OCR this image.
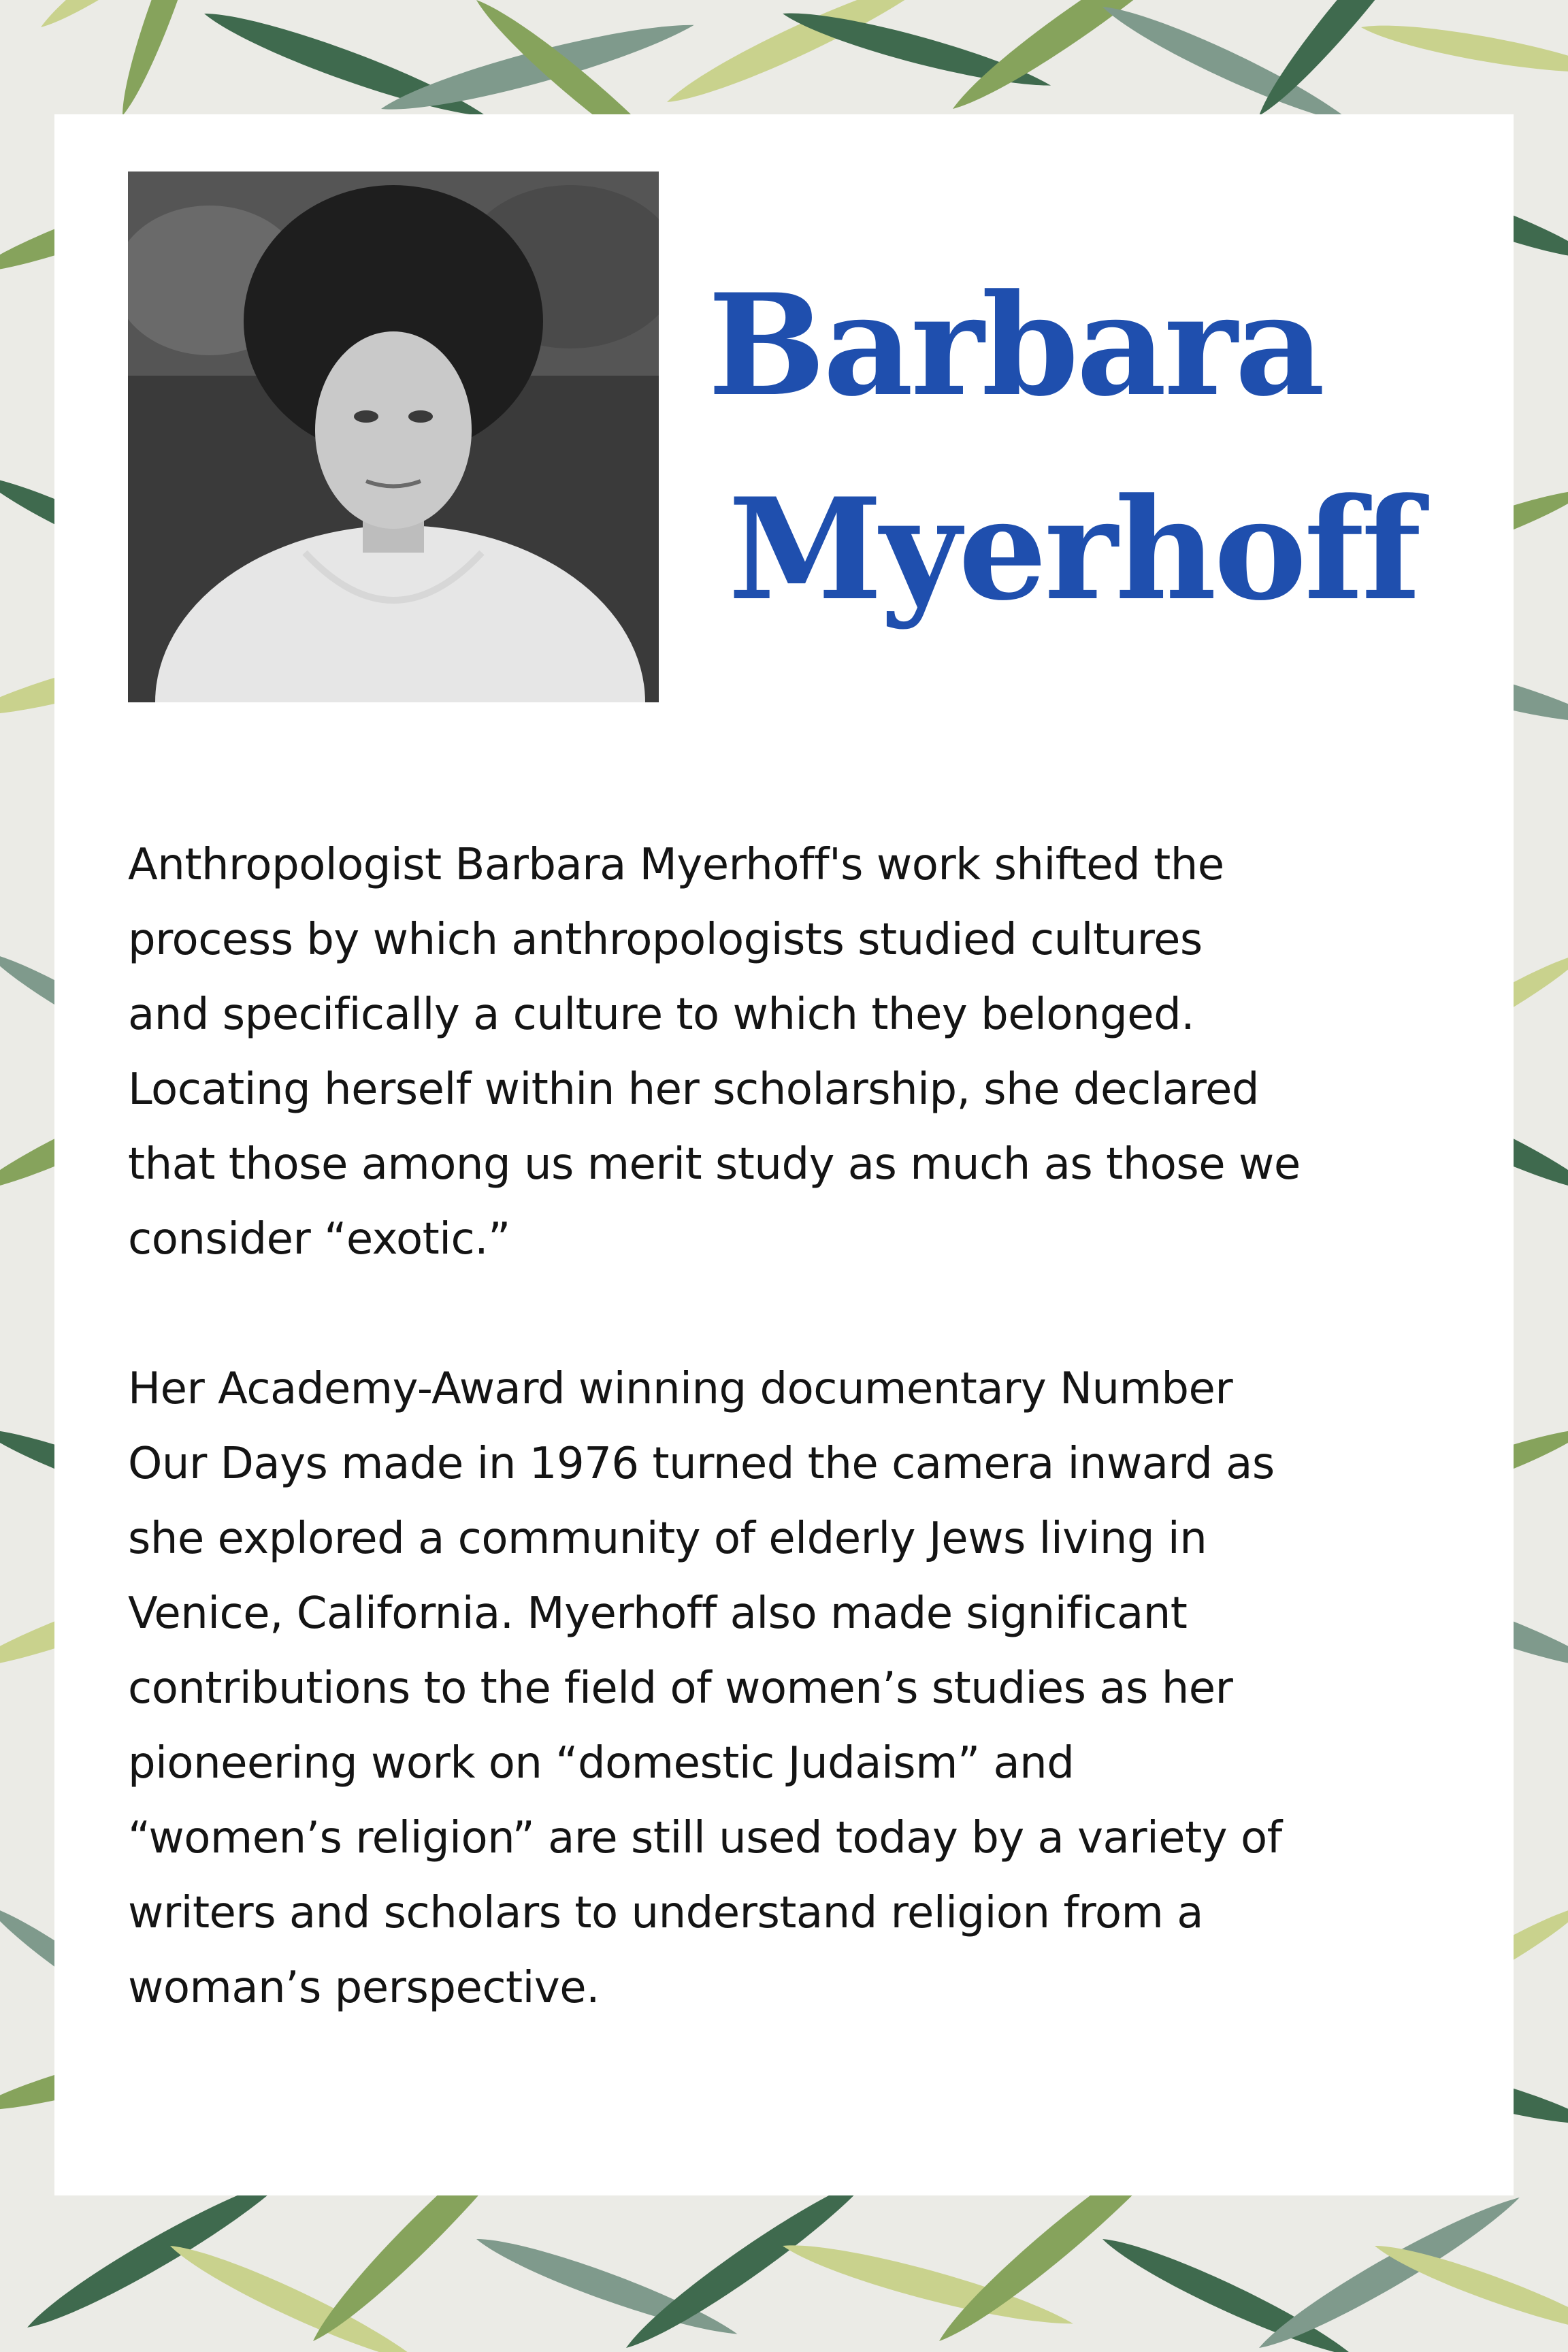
Barbara
Myerhoff

Anthropologist Barbara Myerhoff's work shifted the
process by which anthropologists studied cultures
and specifically a culture to which they belonged.
Locating herself within her scholarship, she declared
that those among us merit study as much as those we
consider “exotic.”

Her Academy-Award winning documentary Number
Our Days made in 1976 turned the camera inward as
she explored a community of elderly Jews living in
Venice, California. Myerhoff also made significant
contributions to the field of women’s studies as her
pioneering work on “domestic Judaism” and
“women’s religion” are still used today by a variety of
writers and scholars to understand religion from a
woman’s perspective.
